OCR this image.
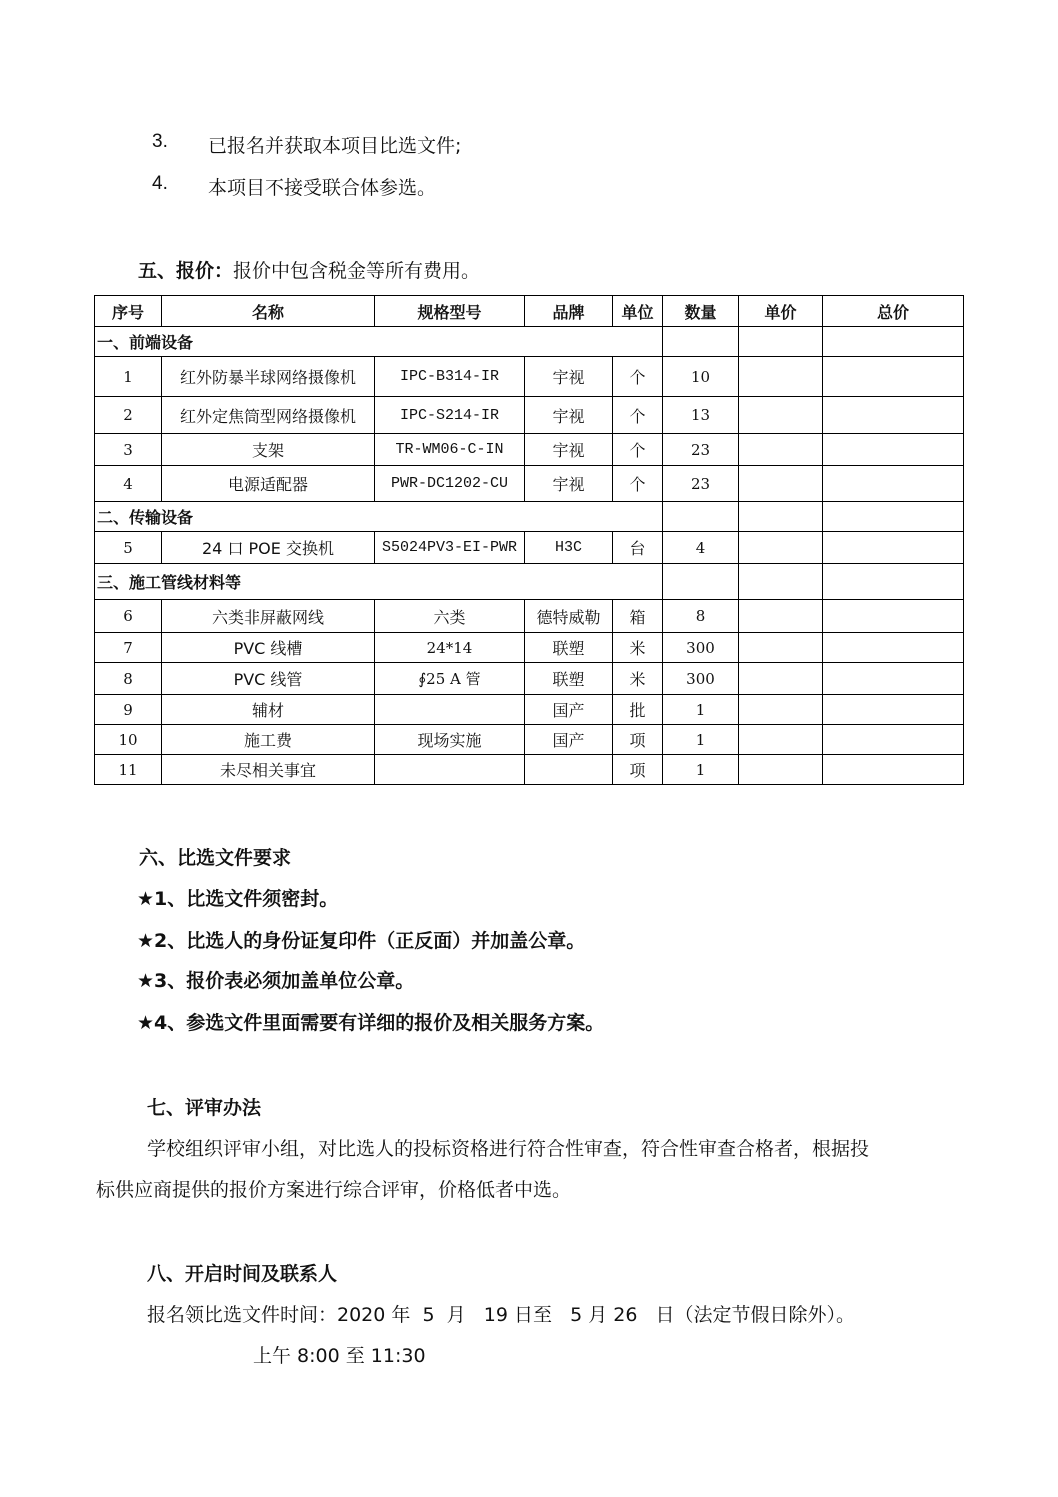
3. 已报名并获取本项目比选文件;
4. 本项目不接受联合体参选。
五、报价：报价中包含税金等所有费用。
序号	名称	规格型号	品牌	单位	数量	单价	总价
一、前端设备							
1	红外防暴半球网络摄像机	IPC-B314-IR	宇视	个	10		
2	红外定焦筒型网络摄像机	IPC-S214-IR	宇视	个	13		
3	支架	TR-WM06-C-IN	宇视	个	23		
4	电源适配器	PWR-DC1202-CU	宇视	个	23		
二、传输设备							
5	24 口 POE 交换机	S5024PV3-EI-PWR	H3C	台	4		
三、施工管线材料等							
6	六类非屏蔽网线	六类	德特威勒	箱	8		
7	PVC 线槽	24*14	联塑	米	300		
8	PVC 线管	∮25 A 管	联塑	米	300		
9	辅材		国产	批	1		
10	施工费	现场实施	国产	项	1		
11	未尽相关事宜			项	1		
六、比选文件要求
★1、比选文件须密封。
★2、比选人的身份证复印件（正反面）并加盖公章。
★3、报价表必须加盖单位公章。
★4、参选文件里面需要有详细的报价及相关服务方案。
七、评审办法
学校组织评审小组，对比选人的投标资格进行符合性审查，符合性审查合格者，根据投
标供应商提供的报价方案进行综合评审，价格低者中选。
八、开启时间及联系人
报名领比选文件时间：2020 年  5  月   19 日至   5 月 26   日（法定节假日除外）。
上午 8:00 至 11:30
